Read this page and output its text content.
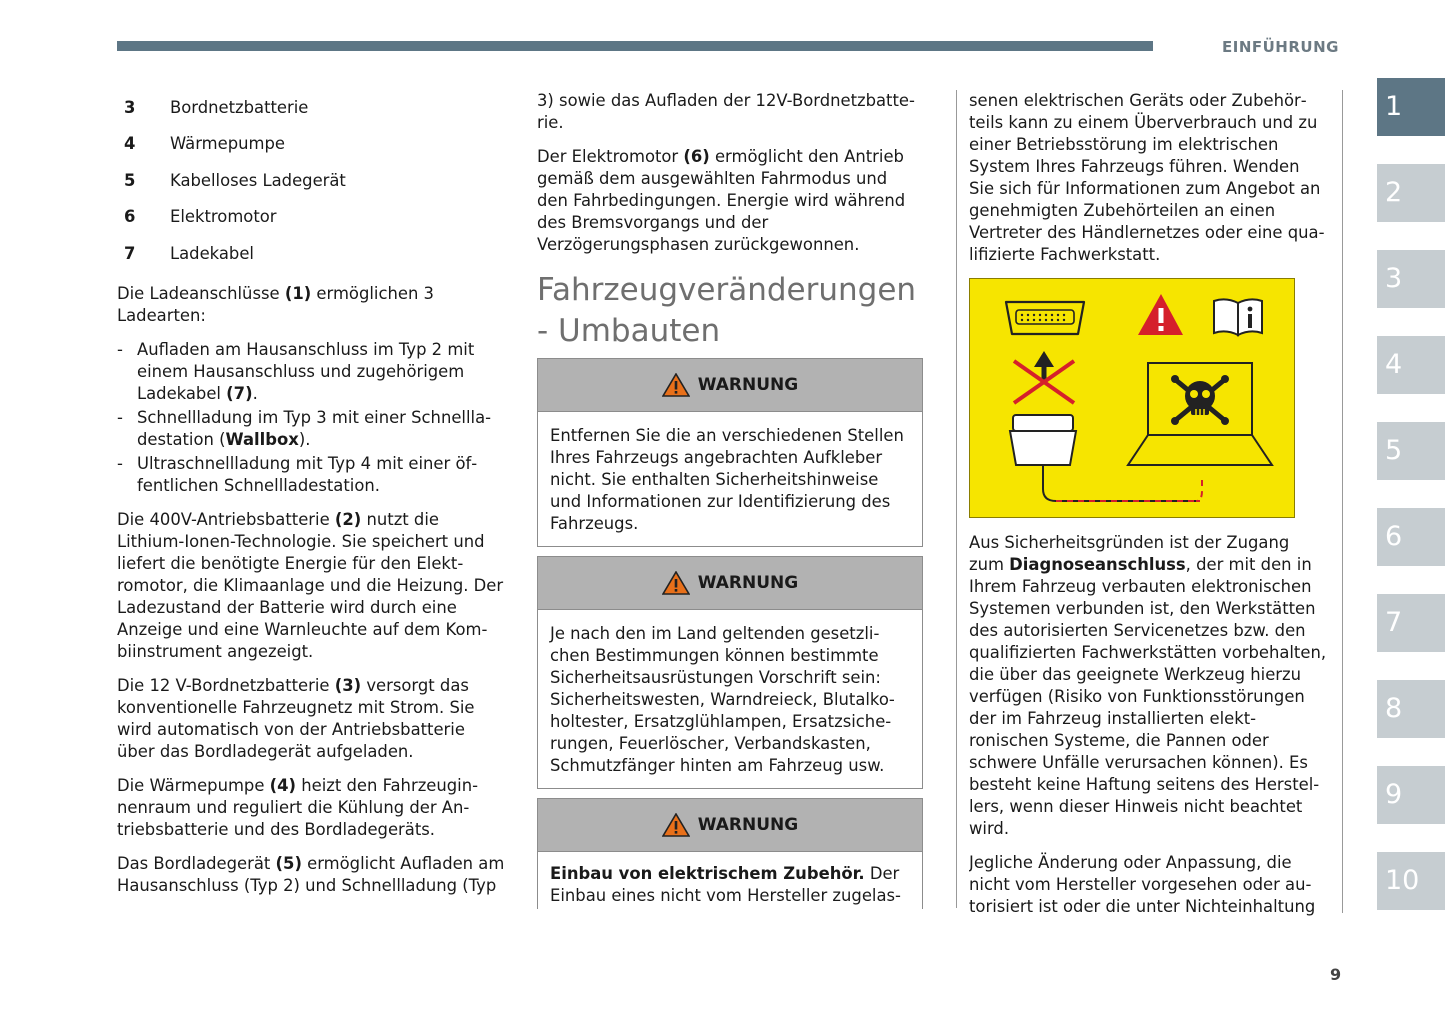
EINFÜHRUNG
3 Bordnetzbatterie
4 Wärmepumpe
5 Kabelloses Ladegerät
6 Elektromotor
7 Ladekabel

Die Ladeanschlüsse (1) ermöglichen 3 Ladearten:

- Aufladen am Hausanschluss im Typ 2 mit einem Hausanschluss und zugehörigem Ladekabel (7).
- Schnellladung im Typ 3 mit einer Schnellladestation (Wallbox).
- Ultraschnellladung mit Typ 4 mit einer öffentlichen Schnellladestation.

Die 400V-Antriebsbatterie (2) nutzt die Lithium-Ionen-Technologie. Sie speichert und liefert die benötigte Energie für den Elektromotor, die Klimaanlage und die Heizung. Der Ladezustand der Batterie wird durch eine Anzeige und eine Warnleuchte auf dem Kombiinstrument angezeigt.

Die 12 V-Bordnetzbatterie (3) versorgt das konventionelle Fahrzeugnetz mit Strom. Sie wird automatisch von der Antriebsbatterie über das Bordladegerät aufgeladen.

Die Wärmepumpe (4) heizt den Fahrzeuginnenraum und reguliert die Kühlung der Antriebsbatterie und des Bordladegeräts.

Das Bordladegerät (5) ermöglicht Aufladen am Hausanschluss (Typ 2) und Schnellladung (Typ

3) sowie das Aufladen der 12V-Bordnetzbatterie.

Der Elektromotor (6) ermöglicht den Antrieb gemäß dem ausgewählten Fahrmodus und den Fahrbedingungen. Energie wird während des Bremsvorgangs und der Verzögerungsphasen zurückgewonnen.

Fahrzeugveränderungen
- Umbauten
WARNUNG
Entfernen Sie die an verschiedenen Stellen Ihres Fahrzeugs angebrachten Aufkleber nicht. Sie enthalten Sicherheitshinweise und Informationen zur Identifizierung des Fahrzeugs.
WARNUNG
Je nach den im Land geltenden gesetzlichen Bestimmungen können bestimmte Sicherheitsausrüstungen Vorschrift sein: Sicherheitswesten, Warndreieck, Blutalkoholtester, Ersatzglühlampen, Ersatzsicherungen, Feuerlöscher, Verbandskasten, Schmutzfänger hinten am Fahrzeug usw.
WARNUNG
Einbau von elektrischem Zubehör. Der Einbau eines nicht vom Hersteller zugelas-

senen elektrischen Geräts oder Zubehörteils kann zu einem Überverbrauch und zu einer Betriebsstörung im elektrischen System Ihres Fahrzeugs führen. Wenden Sie sich für Informationen zum Angebot an genehmigten Zubehörteilen an einen Vertreter des Händlernetzes oder eine qualifizierte Fachwerkstatt.

Aus Sicherheitsgründen ist der Zugang zum Diagnoseanschluss, der mit den in Ihrem Fahrzeug verbauten elektronischen Systemen verbunden ist, den Werkstätten des autorisierten Servicenetzes bzw. den qualifizierten Fachwerkstätten vorbehalten, die über das geeignete Werkzeug hierzu verfügen (Risiko von Funktionsstörungen der im Fahrzeug installierten elektronischen Systeme, die Pannen oder schwere Unfälle verursachen können). Es besteht keine Haftung seitens des Herstellers, wenn dieser Hinweis nicht beachtet wird.

Jegliche Änderung oder Anpassung, die nicht vom Hersteller vorgesehen oder autorisiert ist oder die unter Nichteinhaltung

1
2
3
4
5
6
7
8
9
10
9
